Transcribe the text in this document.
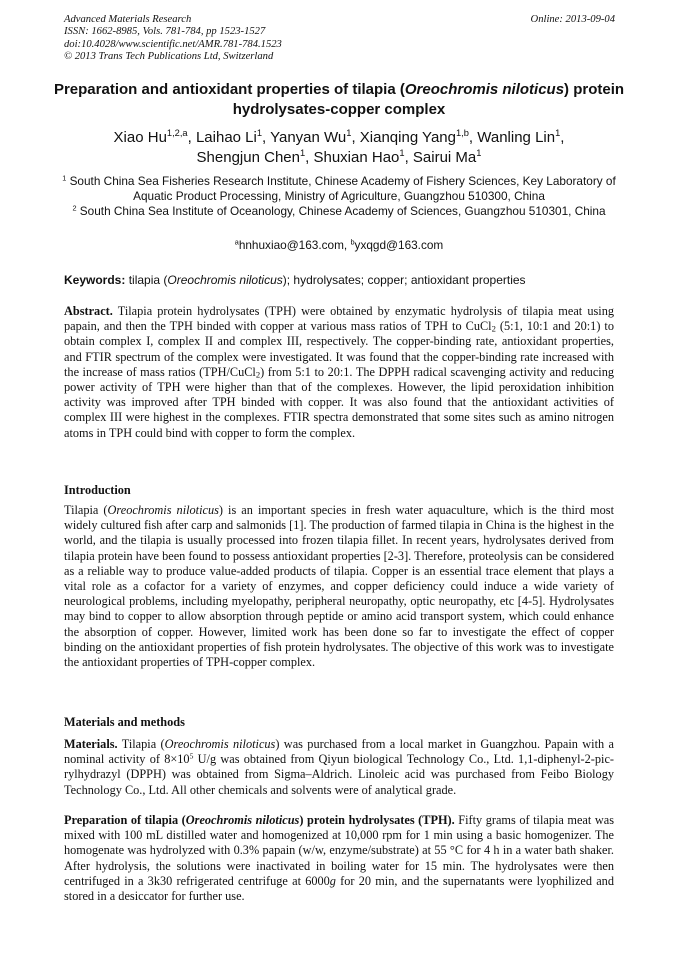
Advanced Materials Research
ISSN: 1662-8985, Vols. 781-784, pp 1523-1527
doi:10.4028/www.scientific.net/AMR.781-784.1523
© 2013 Trans Tech Publications Ltd, Switzerland
Online: 2013-09-04
Preparation and antioxidant properties of tilapia (Oreochromis niloticus) protein hydrolysates-copper complex
Xiao Hu$^{1,2,a}$, Laihao Li$^1$, Yanyan Wu$^1$, Xianqing Yang$^{1,b}$, Wanling Lin$^1$,
Shengjun Chen$^1$, Shuxian Hao$^1$, Sairui Ma$^1$
$^1$ South China Sea Fisheries Research Institute, Chinese Academy of Fishery Sciences, Key Laboratory of Aquatic Product Processing, Ministry of Agriculture, Guangzhou 510300, China
$^2$ South China Sea Institute of Oceanology, Chinese Academy of Sciences, Guangzhou 510301, China
$^a$hnhuxiao@163.com, $^b$yxqgd@163.com
Keywords: tilapia (Oreochromis niloticus); hydrolysates; copper; antioxidant properties
Abstract. Tilapia protein hydrolysates (TPH) were obtained by enzymatic hydrolysis of tilapia meat using papain, and then the TPH binded with copper at various mass ratios of TPH to CuCl$_2$ (5:1, 10:1 and 20:1) to obtain complex I, complex II and complex III, respectively. The copper-binding rate, antioxidant properties, and FTIR spectrum of the complex were investigated. It was found that the copper-binding rate increased with the increase of mass ratios (TPH/CuCl$_2$) from 5:1 to 20:1. The DPPH radical scavenging activity and reducing power activity of TPH were higher than that of the complexes. However, the lipid peroxidation inhibition activity was improved after TPH binded with copper. It was also found that the antioxidant activities of complex III were highest in the complexes. FTIR spectra demonstrated that some sites such as amino nitrogen atoms in TPH could bind with copper to form the complex.
Introduction
Tilapia (Oreochromis niloticus) is an important species in fresh water aquaculture, which is the third most widely cultured fish after carp and salmonids [1]. The production of farmed tilapia in China is the highest in the world, and the tilapia is usually processed into frozen tilapia fillet. In recent years, hydrolysates derived from tilapia protein have been found to possess antioxidant properties [2-3]. Therefore, proteolysis can be considered as a reliable way to produce value-added products of tilapia. Copper is an essential trace element that plays a vital role as a cofactor for a variety of enzymes, and copper deficiency could induce a wide variety of neurological problems, including myelopathy, peripheral neuropathy, optic neuropathy, etc [4-5]. Hydrolysates may bind to copper to allow absorption through peptide or amino acid transport system, which could enhance the absorption of copper. However, limited work has been done so far to investigate the effect of copper binding on the antioxidant properties of fish protein hydrolysates. The objective of this work was to investigate the antioxidant properties of TPH-copper complex.
Materials and methods
Materials. Tilapia (Oreochromis niloticus) was purchased from a local market in Guangzhou. Papain with a nominal activity of $8\times 10^5$ U/g was obtained from Qiyun biological Technology Co., Ltd. 1,1-diphenyl-2-pic-rylhydrazyl (DPPH) was obtained from Sigma–Aldrich. Linoleic acid was purchased from Feibo Biology Technology Co., Ltd. All other chemicals and solvents were of analytical grade.
Preparation of tilapia (Oreochromis niloticus) protein hydrolysates (TPH). Fifty grams of tilapia meat was mixed with 100 mL distilled water and homogenized at 10,000 rpm for 1 min using a basic homogenizer. The homogenate was hydrolyzed with 0.3% papain (w/w, enzyme/substrate) at 55 °C for 4 h in a water bath shaker. After hydrolysis, the solutions were inactivated in boiling water for 15 min. The hydrolysates were then centrifuged in a 3k30 refrigerated centrifuge at 6000g for 20 min, and the supernatants were lyophilized and stored in a desiccator for further use.
